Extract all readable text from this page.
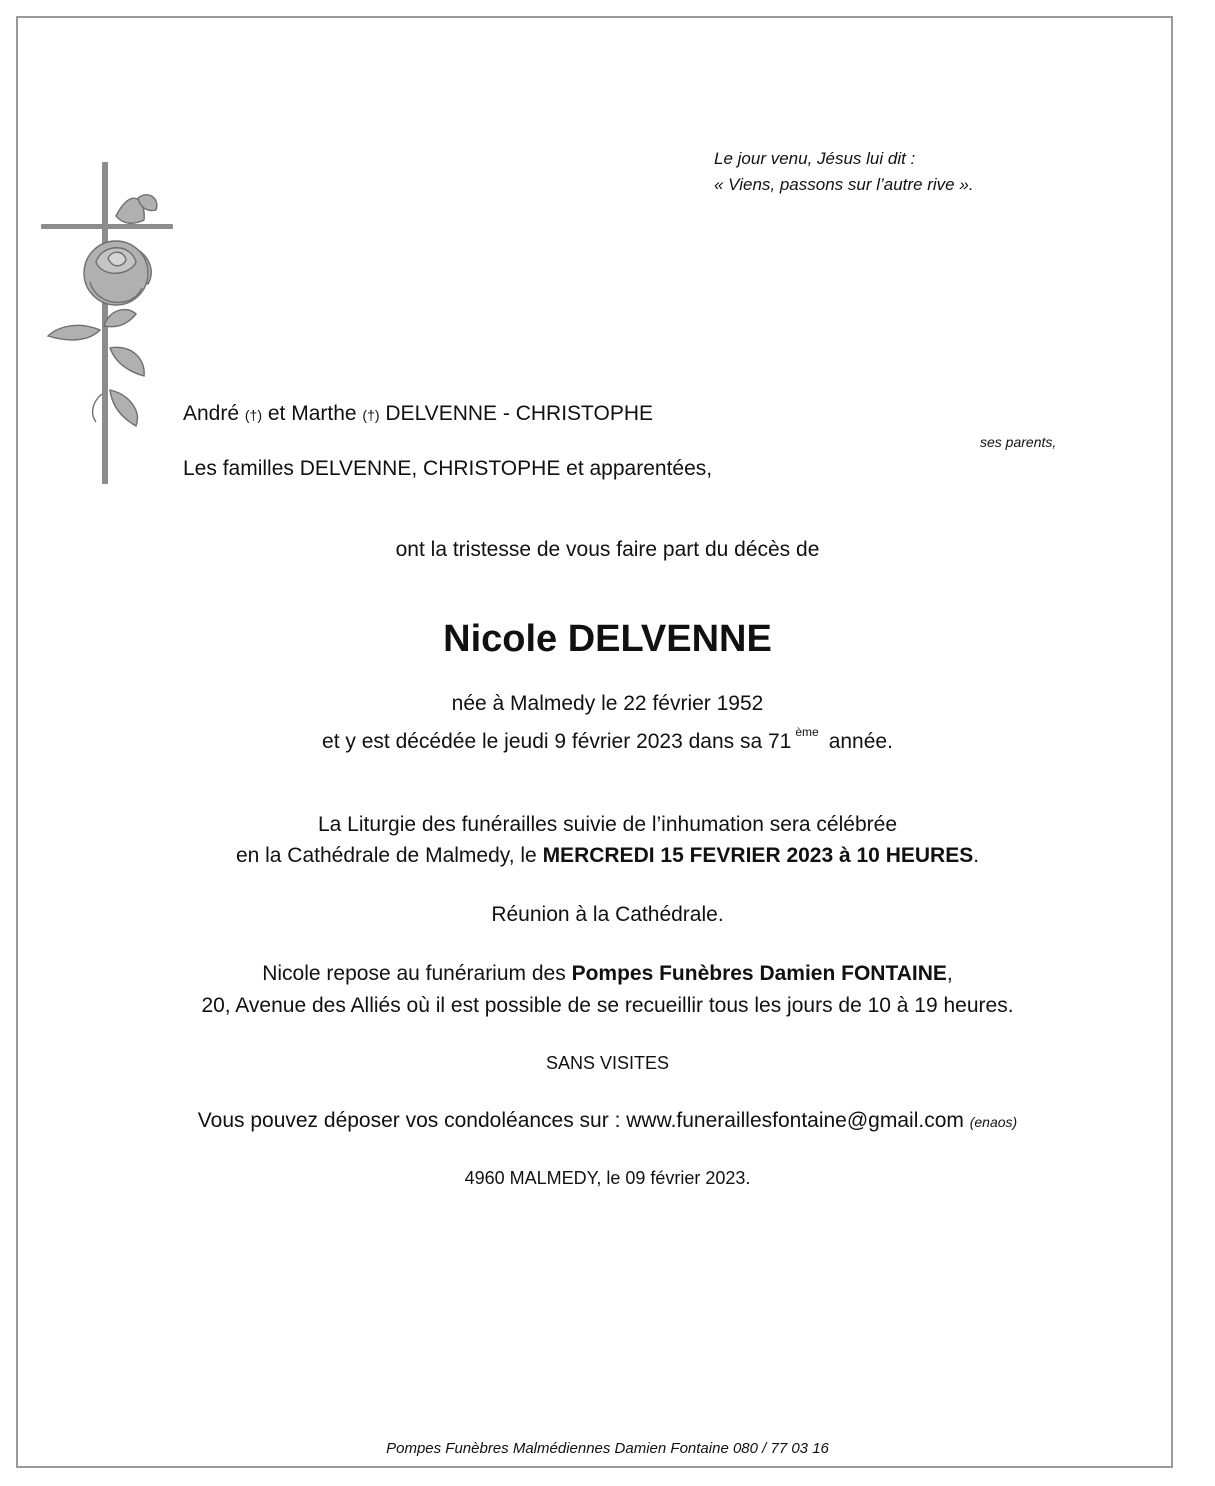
Le jour venu, Jésus lui dit :
« Viens, passons sur l’autre rive ».
André (†) et Marthe (†) DELVENNE - CHRISTOPHE
ses parents,
Les familles DELVENNE, CHRISTOPHE et apparentées,
ont la tristesse de vous faire part du décès de
Nicole DELVENNE
née à Malmedy le 22 février 1952
et y est décédée le jeudi 9 février 2023 dans sa 71 $^{ème}$ année.
La Liturgie des funérailles suivie de l’inhumation sera célébrée
en la Cathédrale de Malmedy, le MERCREDI 15 FEVRIER 2023 à 10 HEURES.
Réunion à la Cathédrale.
Nicole repose au funérarium des Pompes Funèbres Damien FONTAINE,
20, Avenue des Alliés où il est possible de se recueillir tous les jours de 10 à 19 heures.
SANS VISITES
Vous pouvez déposer vos condoléances sur : www.funeraillesfontaine@gmail.com (enaos)
4960 MALMEDY, le 09 février 2023.
Pompes Funèbres Malmédiennes Damien Fontaine 080 / 77 03 16
